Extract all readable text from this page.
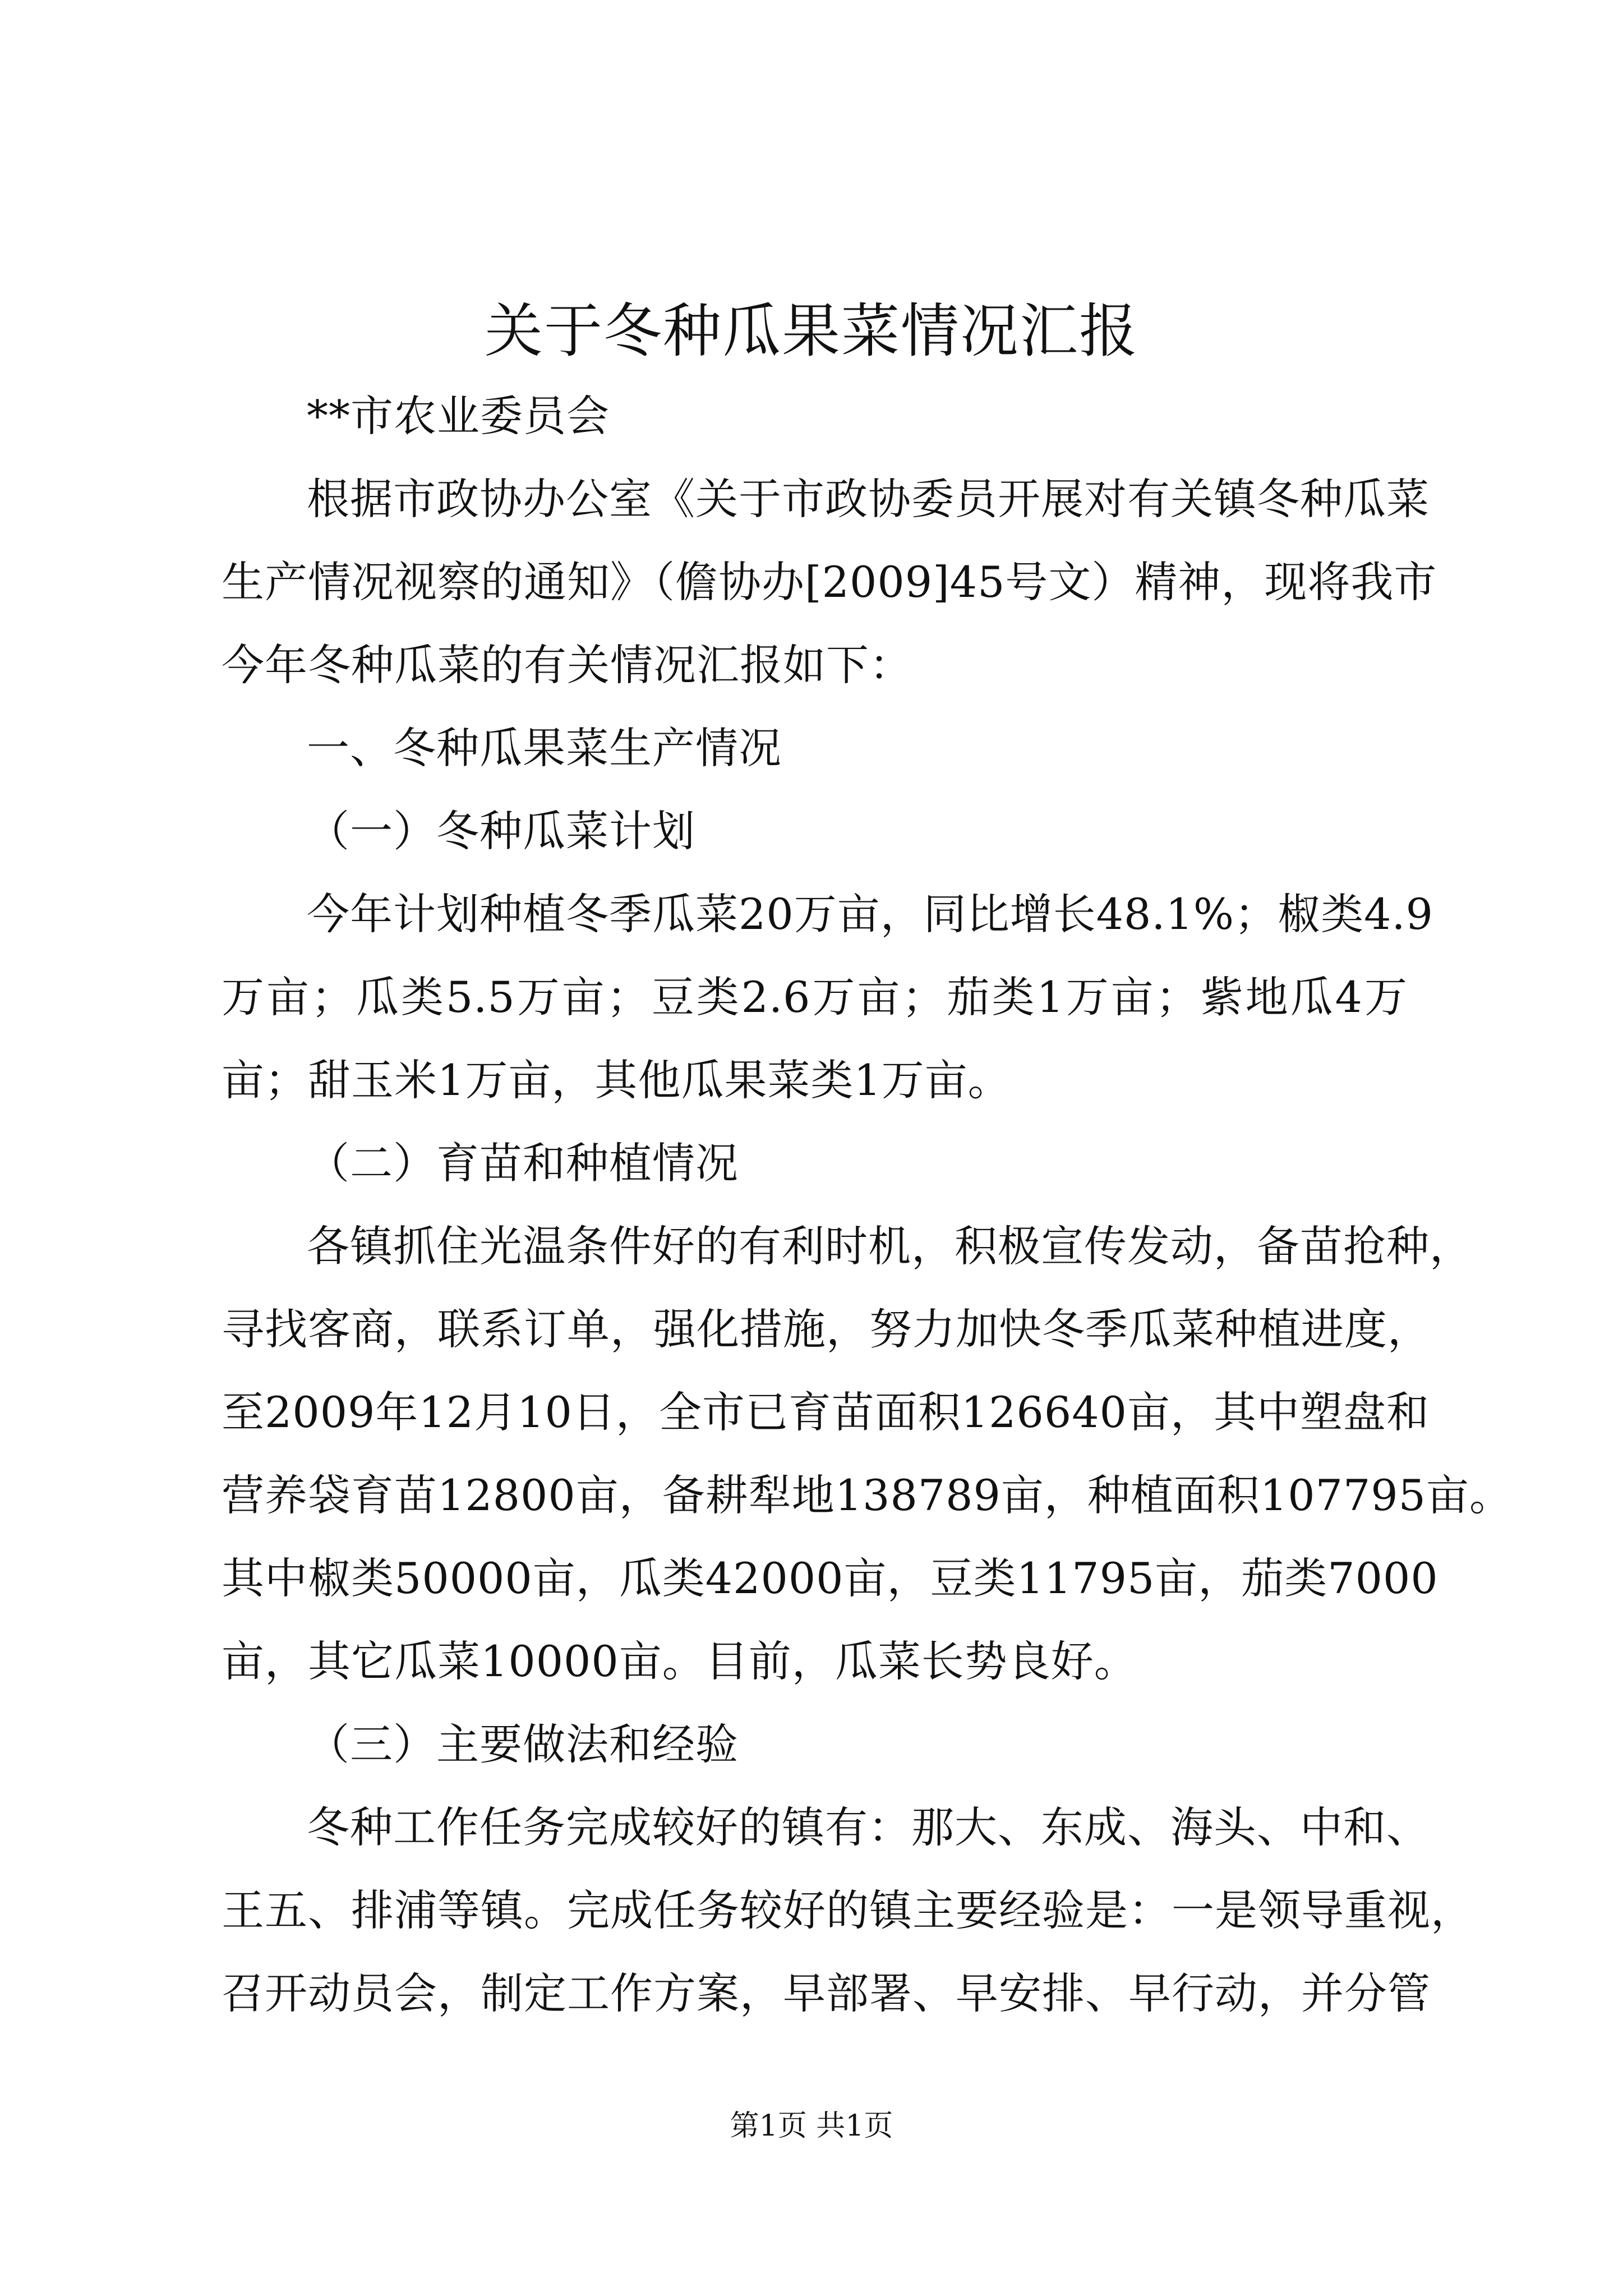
关于冬种瓜果菜情况汇报
**市农业委员会
根据市政协办公室《关于市政协委员开展对有关镇冬种瓜菜
生产情况视察的通知》（儋协办[2009]45号文）精神，现将我市
今年冬种瓜菜的有关情况汇报如下：
一、冬种瓜果菜生产情况
（一）冬种瓜菜计划
今年计划种植冬季瓜菜20万亩，同比增长48.1%；椒类4.9
万亩；瓜类5.5万亩；豆类2.6万亩；茄类1万亩；紫地瓜4万
亩；甜玉米1万亩，其他瓜果菜类1万亩。
（二）育苗和种植情况
各镇抓住光温条件好的有利时机，积极宣传发动，备苗抢种，
寻找客商，联系订单，强化措施，努力加快冬季瓜菜种植进度，
至2009年12月10日，全市已育苗面积126640亩，其中塑盘和
营养袋育苗12800亩，备耕犁地138789亩，种植面积107795亩。
其中椒类50000亩，瓜类42000亩，豆类11795亩，茄类7000
亩，其它瓜菜10000亩。目前，瓜菜长势良好。
（三）主要做法和经验
冬种工作任务完成较好的镇有：那大、东成、海头、中和、
王五、排浦等镇。完成任务较好的镇主要经验是：一是领导重视，
召开动员会，制定工作方案，早部署、早安排、早行动，并分管
第1页 共1页
